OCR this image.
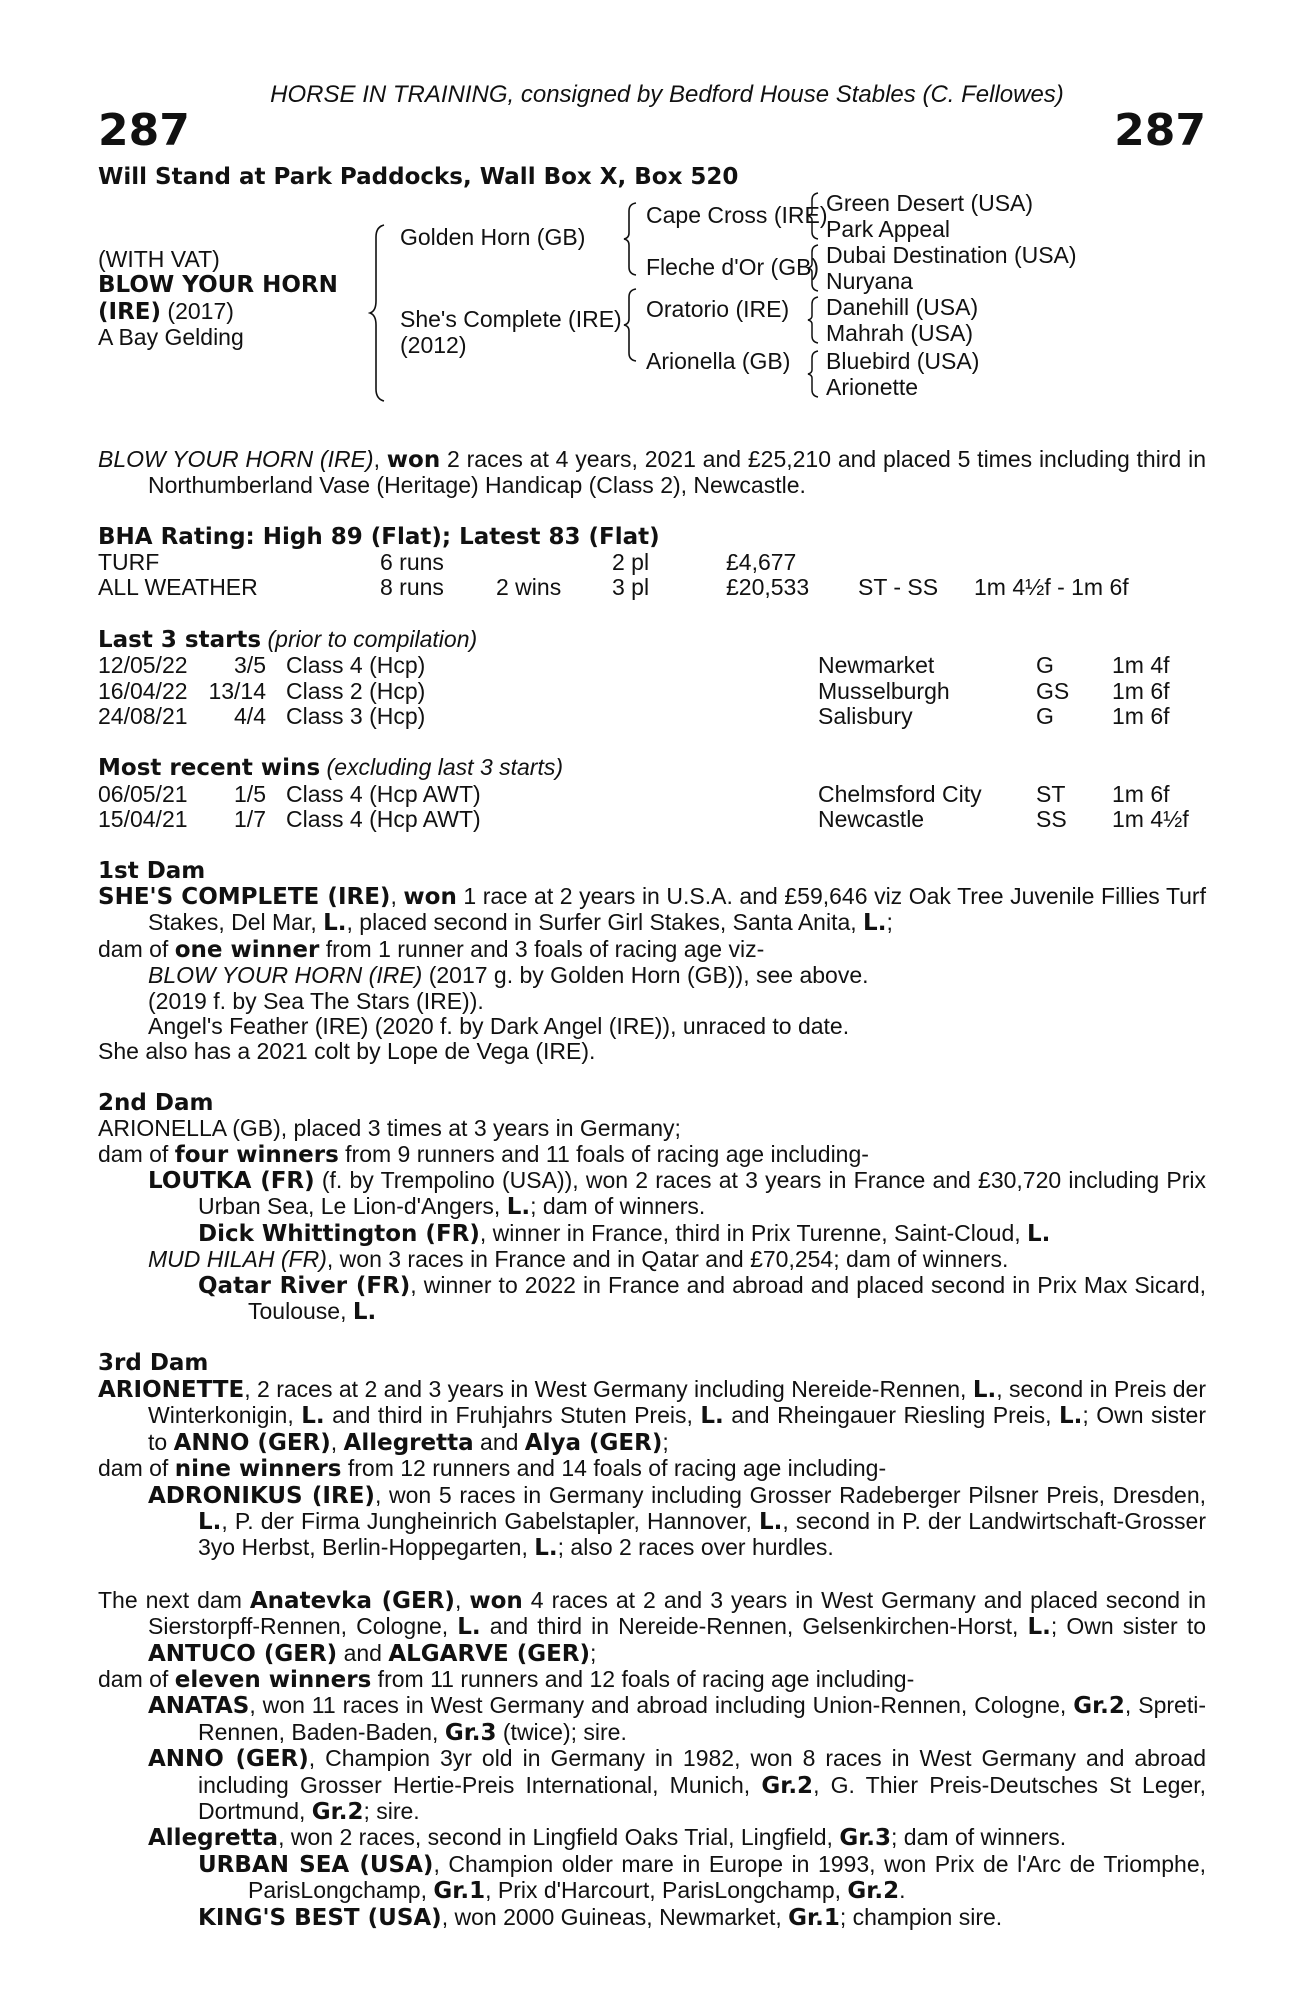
HORSE IN TRAINING, consigned by Bedford House Stables (C. Fellowes)
287	287
Will Stand at Park Paddocks, Wall Box X, Box 520
(WITH VAT)
BLOW YOUR HORN
(IRE) (2017)
A Bay Gelding
Golden Horn (GB)
She's Complete (IRE)
(2012)
Cape Cross (IRE)
Fleche d'Or (GB)
Oratorio (IRE)
Arionella (GB)
Green Desert (USA)
Park Appeal
Dubai Destination (USA)
Nuryana
Danehill (USA)
Mahrah (USA)
Bluebird (USA)
Arionette
BLOW YOUR HORN (IRE), won 2 races at 4 years, 2021 and £25,210 and placed 5 times including third in Northumberland Vase (Heritage) Handicap (Class 2), Newcastle.
BHA Rating: High 89 (Flat); Latest 83 (Flat)
TURF	6 runs	2 pl	£4,677
ALL WEATHER	8 runs 2 wins 3 pl	£20,533 ST - SS 1m 4½f - 1m 6f
Last 3 starts (prior to compilation)
12/05/22	3/5 Class 4 (Hcp)	Newmarket	G	1m 4f
16/04/22 13/14 Class 2 (Hcp)	Musselburgh	GS 1m 6f
24/08/21	4/4 Class 3 (Hcp)	Salisbury	G	1m 6f
Most recent wins (excluding last 3 starts)
06/05/21	1/5 Class 4 (Hcp AWT)	Chelmsford City ST 1m 6f
15/04/21	1/7 Class 4 (Hcp AWT)	Newcastle	SS 1m 4½f
1st Dam
SHE'S COMPLETE (IRE), won 1 race at 2 years in U.S.A. and £59,646 viz Oak Tree Juvenile Fillies Turf Stakes, Del Mar, L., placed second in Surfer Girl Stakes, Santa Anita, L.;
dam of one winner from 1 runner and 3 foals of racing age viz-
BLOW YOUR HORN (IRE) (2017 g. by Golden Horn (GB)), see above.
(2019 f. by Sea The Stars (IRE)).
Angel's Feather (IRE) (2020 f. by Dark Angel (IRE)), unraced to date.
She also has a 2021 colt by Lope de Vega (IRE).
2nd Dam
ARIONELLA (GB), placed 3 times at 3 years in Germany;
dam of four winners from 9 runners and 11 foals of racing age including-
LOUTKA (FR) (f. by Trempolino (USA)), won 2 races at 3 years in France and £30,720 including Prix Urban Sea, Le Lion-d'Angers, L.; dam of winners.
Dick Whittington (FR), winner in France, third in Prix Turenne, Saint-Cloud, L.
MUD HILAH (FR), won 3 races in France and in Qatar and £70,254; dam of winners.
Qatar River (FR), winner to 2022 in France and abroad and placed second in Prix Max Sicard, Toulouse, L.
3rd Dam
ARIONETTE, 2 races at 2 and 3 years in West Germany including Nereide-Rennen, L., second in Preis der Winterkonigin, L. and third in Fruhjahrs Stuten Preis, L. and Rheingauer Riesling Preis, L.; Own sister to ANNO (GER), Allegretta and Alya (GER);
dam of nine winners from 12 runners and 14 foals of racing age including-
ADRONIKUS (IRE), won 5 races in Germany including Grosser Radeberger Pilsner Preis, Dresden, L., P. der Firma Jungheinrich Gabelstapler, Hannover, L., second in P. der Landwirtschaft-Grosser 3yo Herbst, Berlin-Hoppegarten, L.; also 2 races over hurdles.
The next dam Anatevka (GER), won 4 races at 2 and 3 years in West Germany and placed second in Sierstorpff-Rennen, Cologne, L. and third in Nereide-Rennen, Gelsenkirchen-Horst, L.; Own sister to ANTUCO (GER) and ALGARVE (GER);
dam of eleven winners from 11 runners and 12 foals of racing age including-
ANATAS, won 11 races in West Germany and abroad including Union-Rennen, Cologne, Gr.2, Spreti-Rennen, Baden-Baden, Gr.3 (twice); sire.
ANNO (GER), Champion 3yr old in Germany in 1982, won 8 races in West Germany and abroad including Grosser Hertie-Preis International, Munich, Gr.2, G. Thier Preis-Deutsches St Leger, Dortmund, Gr.2; sire.
Allegretta, won 2 races, second in Lingfield Oaks Trial, Lingfield, Gr.3; dam of winners.
URBAN SEA (USA), Champion older mare in Europe in 1993, won Prix de l'Arc de Triomphe, ParisLongchamp, Gr.1, Prix d'Harcourt, ParisLongchamp, Gr.2.
KING'S BEST (USA), won 2000 Guineas, Newmarket, Gr.1; champion sire.
